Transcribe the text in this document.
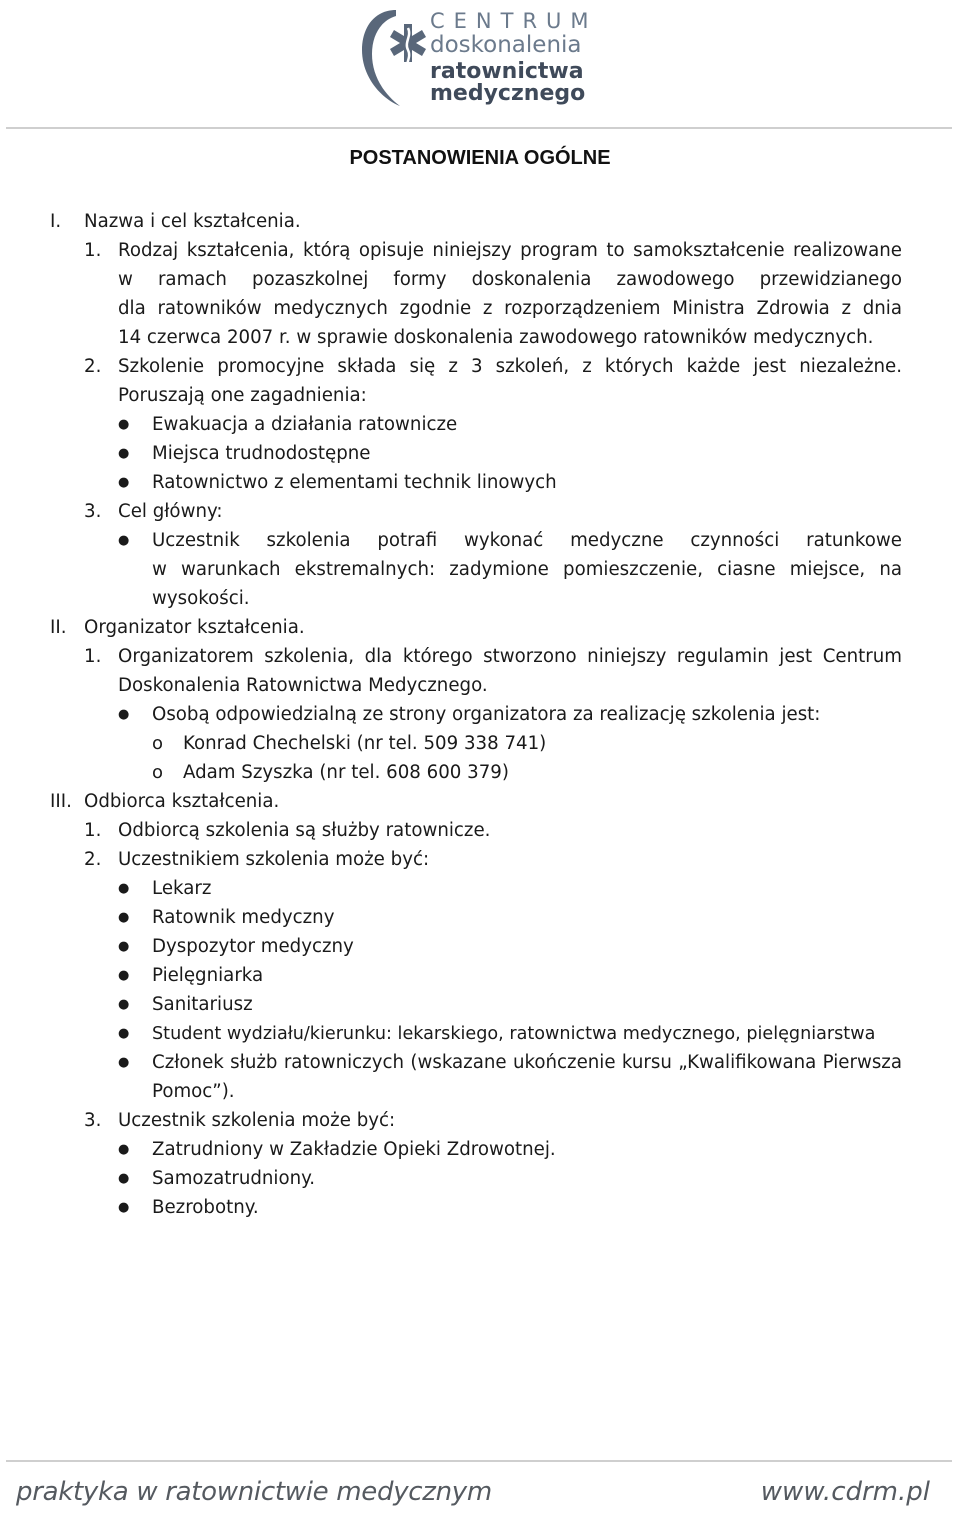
CENTRUM
doskonalenia
ratownictwa
medycznego
POSTANOWIENIA OGÓLNE
I. Nazwa i cel kształcenia.
1. Rodzaj kształcenia, którą opisuje niniejszy program to samokształcenie realizowane
w ramach pozaszkolnej formy doskonalenia zawodowego przewidzianego
dla ratowników medycznych zgodnie z rozporządzeniem Ministra Zdrowia z dnia
14 czerwca 2007 r. w sprawie doskonalenia zawodowego ratowników medycznych.
2. Szkolenie promocyjne składa się z 3 szkoleń, z których każde jest niezależne.
Poruszają one zagadnienia:
● Ewakuacja a działania ratownicze
● Miejsca trudnodostępne
● Ratownictwo z elementami technik linowych
3. Cel główny:
● Uczestnik szkolenia potrafi wykonać medyczne czynności ratunkowe
w warunkach ekstremalnych: zadymione pomieszczenie, ciasne miejsce, na
wysokości.
II. Organizator kształcenia.
1. Organizatorem szkolenia, dla którego stworzono niniejszy regulamin jest Centrum
Doskonalenia Ratownictwa Medycznego.
● Osobą odpowiedzialną ze strony organizatora za realizację szkolenia jest:
o Konrad Chechelski (nr tel. 509 338 741)
o Adam Szyszka (nr tel. 608 600 379)
III. Odbiorca kształcenia.
1. Odbiorcą szkolenia są służby ratownicze.
2. Uczestnikiem szkolenia może być:
● Lekarz
● Ratownik medyczny
● Dyspozytor medyczny
● Pielęgniarka
● Sanitariusz
● Student wydziału/kierunku: lekarskiego, ratownictwa medycznego, pielęgniarstwa
● Członek służb ratowniczych (wskazane ukończenie kursu „Kwalifikowana Pierwsza
Pomoc”).
3. Uczestnik szkolenia może być:
● Zatrudniony w Zakładzie Opieki Zdrowotnej.
● Samozatrudniony.
● Bezrobotny.
praktyka w ratownictwie medycznym	www.cdrm.pl
